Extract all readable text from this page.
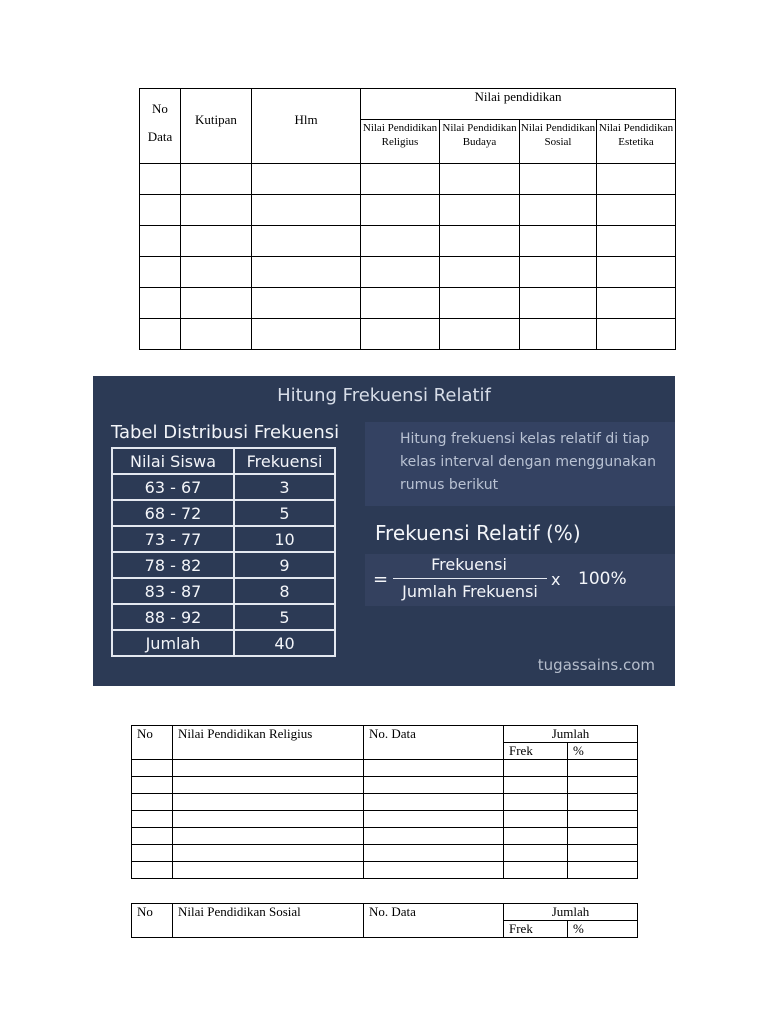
No
Data	Kutipan	Hlm	Nilai pendidikan			
			Nilai Pendidikan Religius	Nilai Pendidikan Budaya	Nilai Pendidikan Sosial	Nilai Pendidikan Estetika

Hitung Frekuensi Relatif
Tabel Distribusi Frekuensi
Nilai Siswa	Frekuensi
63 - 67	3
68 - 72	5
73 - 77	10
78 - 82	9
83 - 87	8
88 - 92	5
Jumlah	40
Hitung frekuensi kelas relatif di tiap kelas interval dengan menggunakan rumus berikut
Frekuensi Relatif (%)
=
Frekuensi
Jumlah Frekuensi
x 100%
tugassains.com
No	Nilai Pendidikan Religius	No. Data	Jumlah	
			Frek	%

No	Nilai Pendidikan Sosial	No. Data	Jumlah	
			Frek	%
